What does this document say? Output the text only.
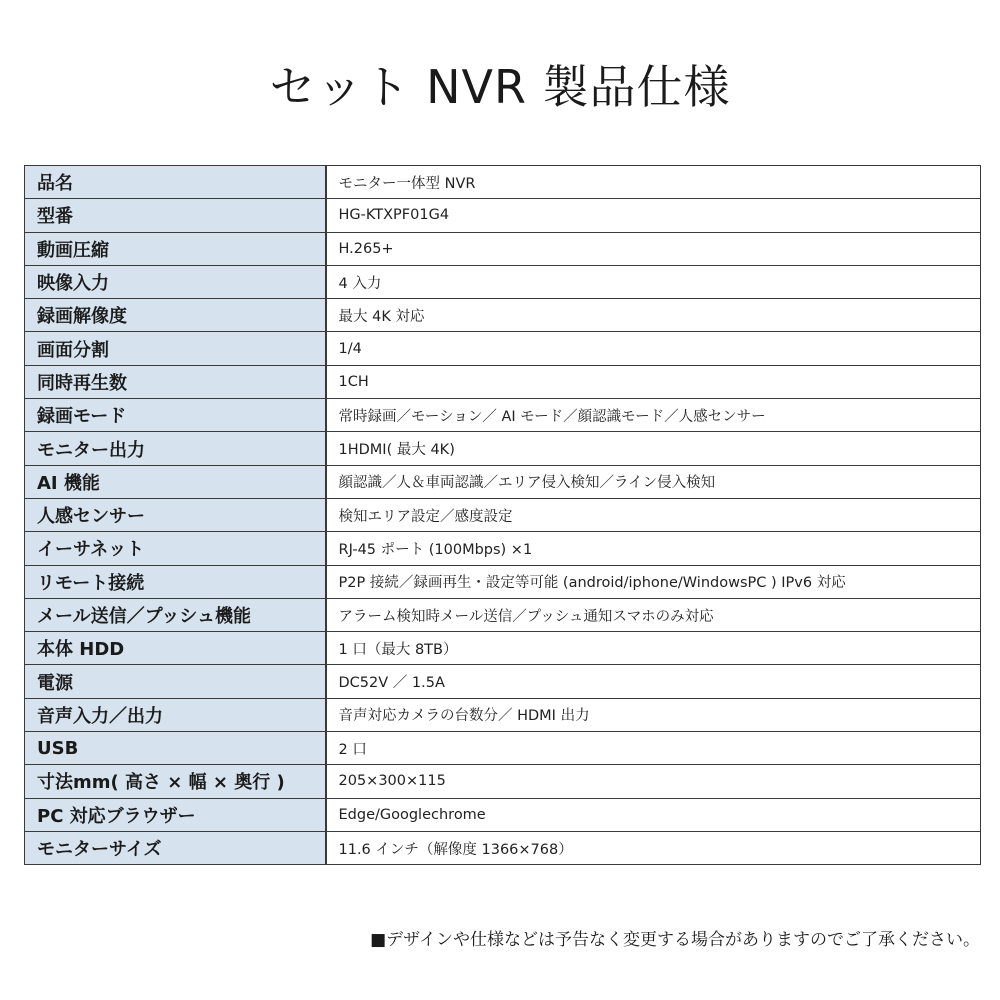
セット NVR 製品仕様
品名	モニター一体型 NVR
型番	HG-KTXPF01G4
動画圧縮	H.265+
映像入力	4 入力
録画解像度	最大 4K 対応
画面分割	1/4
同時再生数	1CH
録画モード	常時録画／モーション／ AI モード／顔認識モード／人感センサー
モニター出力	1HDMI( 最大 4K)
AI 機能	顔認識／人＆車両認識／エリア侵入検知／ライン侵入検知
人感センサー	検知エリア設定／感度設定
イーサネット	RJ-45 ポート (100Mbps) ×1
リモート接続	P2P 接続／録画再生・設定等可能 (android/iphone/WindowsPC ) IPv6 対応
メール送信／プッシュ機能	アラーム検知時メール送信／プッシュ通知スマホのみ対応
本体 HDD	1 口（最大 8TB）
電源	DC52V ／ 1.5A
音声入力／出力	音声対応カメラの台数分／ HDMI 出力
USB	2 口
寸法mm( 高さ × 幅 × 奥行 )	205×300×115
PC 対応ブラウザー	Edge/Googlechrome
モニターサイズ	11.6 インチ（解像度 1366×768）
■デザインや仕様などは予告なく変更する場合がありますのでご了承ください。
